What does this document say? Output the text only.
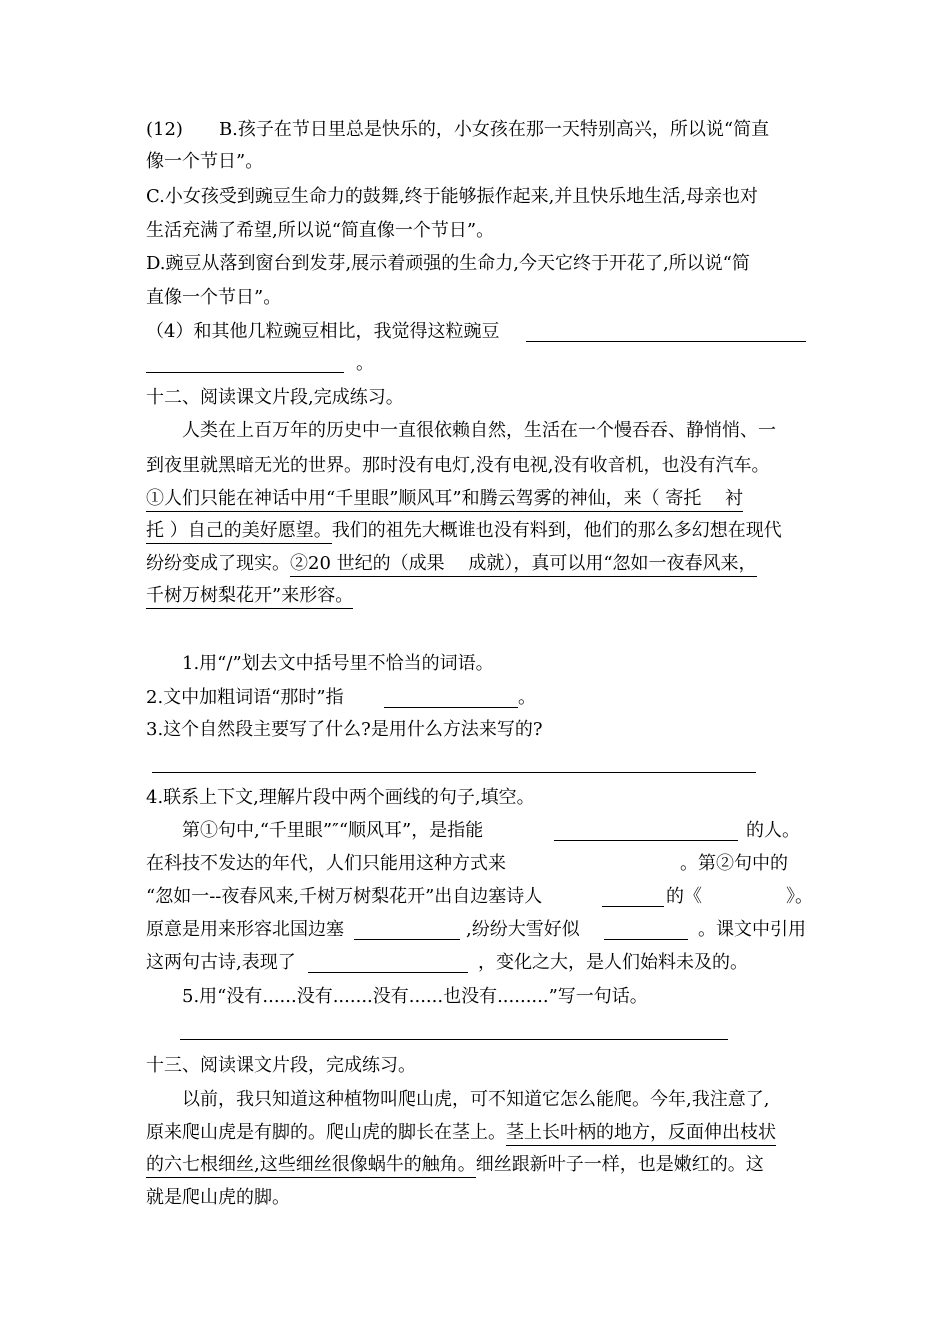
(12)　　B.孩子在节日里总是快乐的，小女孩在那一天特别高兴，所以说“简直
像一个节日”。
C.小女孩受到豌豆生命力的鼓舞,终于能够振作起来,并且快乐地生活,母亲也对
生活充满了希望,所以说“简直像一个节日”。
D.豌豆从落到窗台到发芽,展示着顽强的生命力,今天它终于开花了,所以说“简
直像一个节日”。
（4）和其他几粒豌豆相比，我觉得这粒豌豆
。
十二、阅读课文片段,完成练习。
人类在上百万年的历史中一直很依赖自然，生活在一个慢吞吞、静悄悄、一
到夜里就黑暗无光的世界。那时没有电灯,没有电视,没有收音机，也没有汽车。
①人们只能在神话中用“千里眼”顺风耳”和腾云驾雾的神仙，来（ 寄托　 衬
托 ）自己的美好愿望。我们的祖先大概谁也没有料到，他们的那么多幻想在现代
纷纷变成了现实。②20 世纪的（成果　 成就），真可以用“忽如一夜春风来，
千树万树梨花开”来形容。
1.用“/”划去文中括号里不恰当的词语。
2.文中加粗词语“那时”指	。
3.这个自然段主要写了什么?是用什么方法来写的?
4.联系上下文,理解片段中两个画线的句子,填空。
第①句中,“千里眼”″“顺风耳”，是指能	的人。
在科技不发达的年代，人们只能用这种方式来	。第②句中的
“忽如一--夜春风来,千树万树梨花开”出自边塞诗人	的《	》。
原意是用来形容北国边塞	,纷纷大雪好似	。课文中引用
这两句古诗,表现了	，变化之大，是人们始料未及的。
5.用“没有......没有.......没有......也没有.........”写一句话。
十三、阅读课文片段，完成练习。
以前，我只知道这种植物叫爬山虎，可不知道它怎么能爬。今年,我注意了,
原来爬山虎是有脚的。爬山虎的脚长在茎上。茎上长叶柄的地方，反面伸出枝状
的六七根细丝,这些细丝很像蜗牛的触角。细丝跟新叶子一样，也是嫩红的。这
就是爬山虎的脚。
